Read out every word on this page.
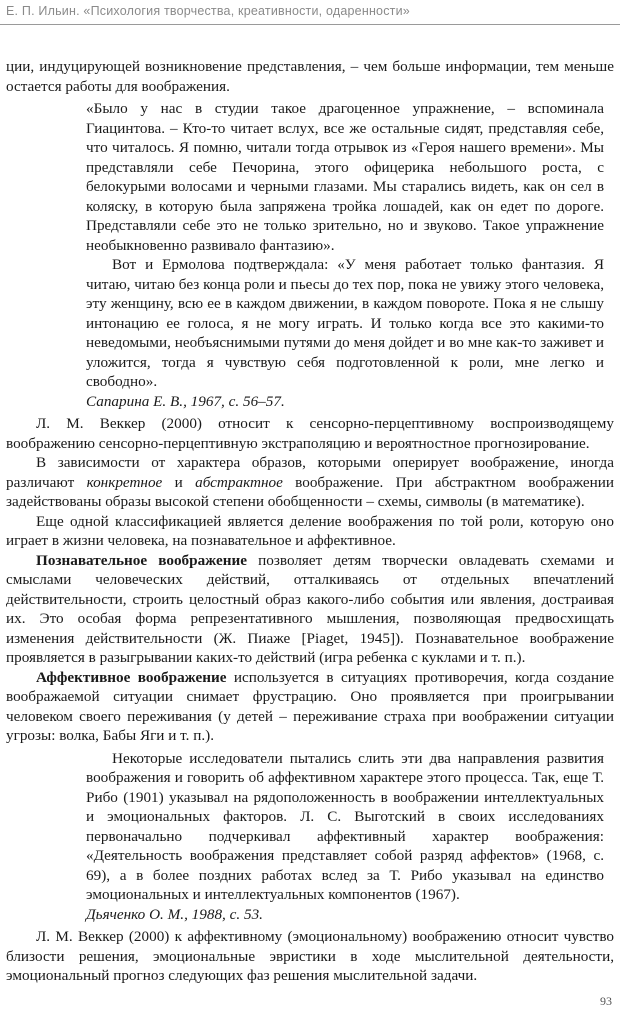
Е. П. Ильин. «Психология творчества, креативности, одаренности»

ции, индуцирующей возникновение представления, – чем больше информации, тем меньше остается работы для воображения.

«Было у нас в студии такое драгоценное упражнение, – вспоминала Гиацинтова. – Кто-то читает вслух, все же остальные сидят, представляя себе, что читалось. Я помню, читали тогда отрывок из «Героя нашего времени». Мы представляли себе Печорина, этого офицерика небольшого роста, с белокурыми волосами и черными глазами. Мы старались видеть, как он сел в коляску, в которую была запряжена тройка лошадей, как он едет по дороге. Представляли себе это не только зрительно, но и звуково. Такое упражнение необыкновенно развивало фантазию».

Вот и Ермолова подтверждала: «У меня работает только фантазия. Я читаю, читаю без конца роли и пьесы до тех пор, пока не увижу этого человека, эту женщину, всю ее в каждом движении, в каждом повороте. Пока я не слышу интонацию ее голоса, я не могу играть. И только когда все это какими-то неведомыми, необъяснимыми путями до меня дойдет и во мне как-то заживет и уложится, тогда я чувствую себя подготовленной к роли, мне легко и свободно».

Сапарина Е. В., 1967, с. 56–57.

Л. М. Веккер (2000) относит к сенсорно-перцептивному воспроизводящему воображению сенсорно-перцептивную экстраполяцию и вероятностное прогнозирование.

В зависимости от характера образов, которыми оперирует воображение, иногда различают конкретное и абстрактное воображение. При абстрактном воображении задействованы образы высокой степени обобщенности – схемы, символы (в математике).

Еще одной классификацией является деление воображения по той роли, которую оно играет в жизни человека, на познавательное и аффективное.

Познавательное воображение позволяет детям творчески овладевать схемами и смыслами человеческих действий, отталкиваясь от отдельных впечатлений действительности, строить целостный образ какого-либо события или явления, достраивая их. Это особая форма репрезентативного мышления, позволяющая предвосхищать изменения действительности (Ж. Пиаже [Piaget, 1945]). Познавательное воображение проявляется в разыгрывании каких-то действий (игра ребенка с куклами и т. п.).

Аффективное воображение используется в ситуациях противоречия, когда создание воображаемой ситуации снимает фрустрацию. Оно проявляется при проигрывании человеком своего переживания (у детей – переживание страха при воображении ситуации угрозы: волка, Бабы Яги и т. п.).

Некоторые исследователи пытались слить эти два направления развития воображения и говорить об аффективном характере этого процесса. Так, еще Т. Рибо (1901) указывал на рядоположенность в воображении интеллектуальных и эмоциональных факторов. Л. С. Выготский в своих исследованиях первоначально подчеркивал аффективный характер воображения: «Деятельность воображения представляет собой разряд аффектов» (1968, с. 69), а в более поздних работах вслед за Т. Рибо указывал на единство эмоциональных и интеллектуальных компонентов (1967).

Дьяченко О. М., 1988, с. 53.

Л. М. Веккер (2000) к аффективному (эмоциональному) воображению относит чувство близости решения, эмоциональные эвристики в ходе мыслительной деятельности, эмоциональный прогноз следующих фаз решения мыслительной задачи.

93
